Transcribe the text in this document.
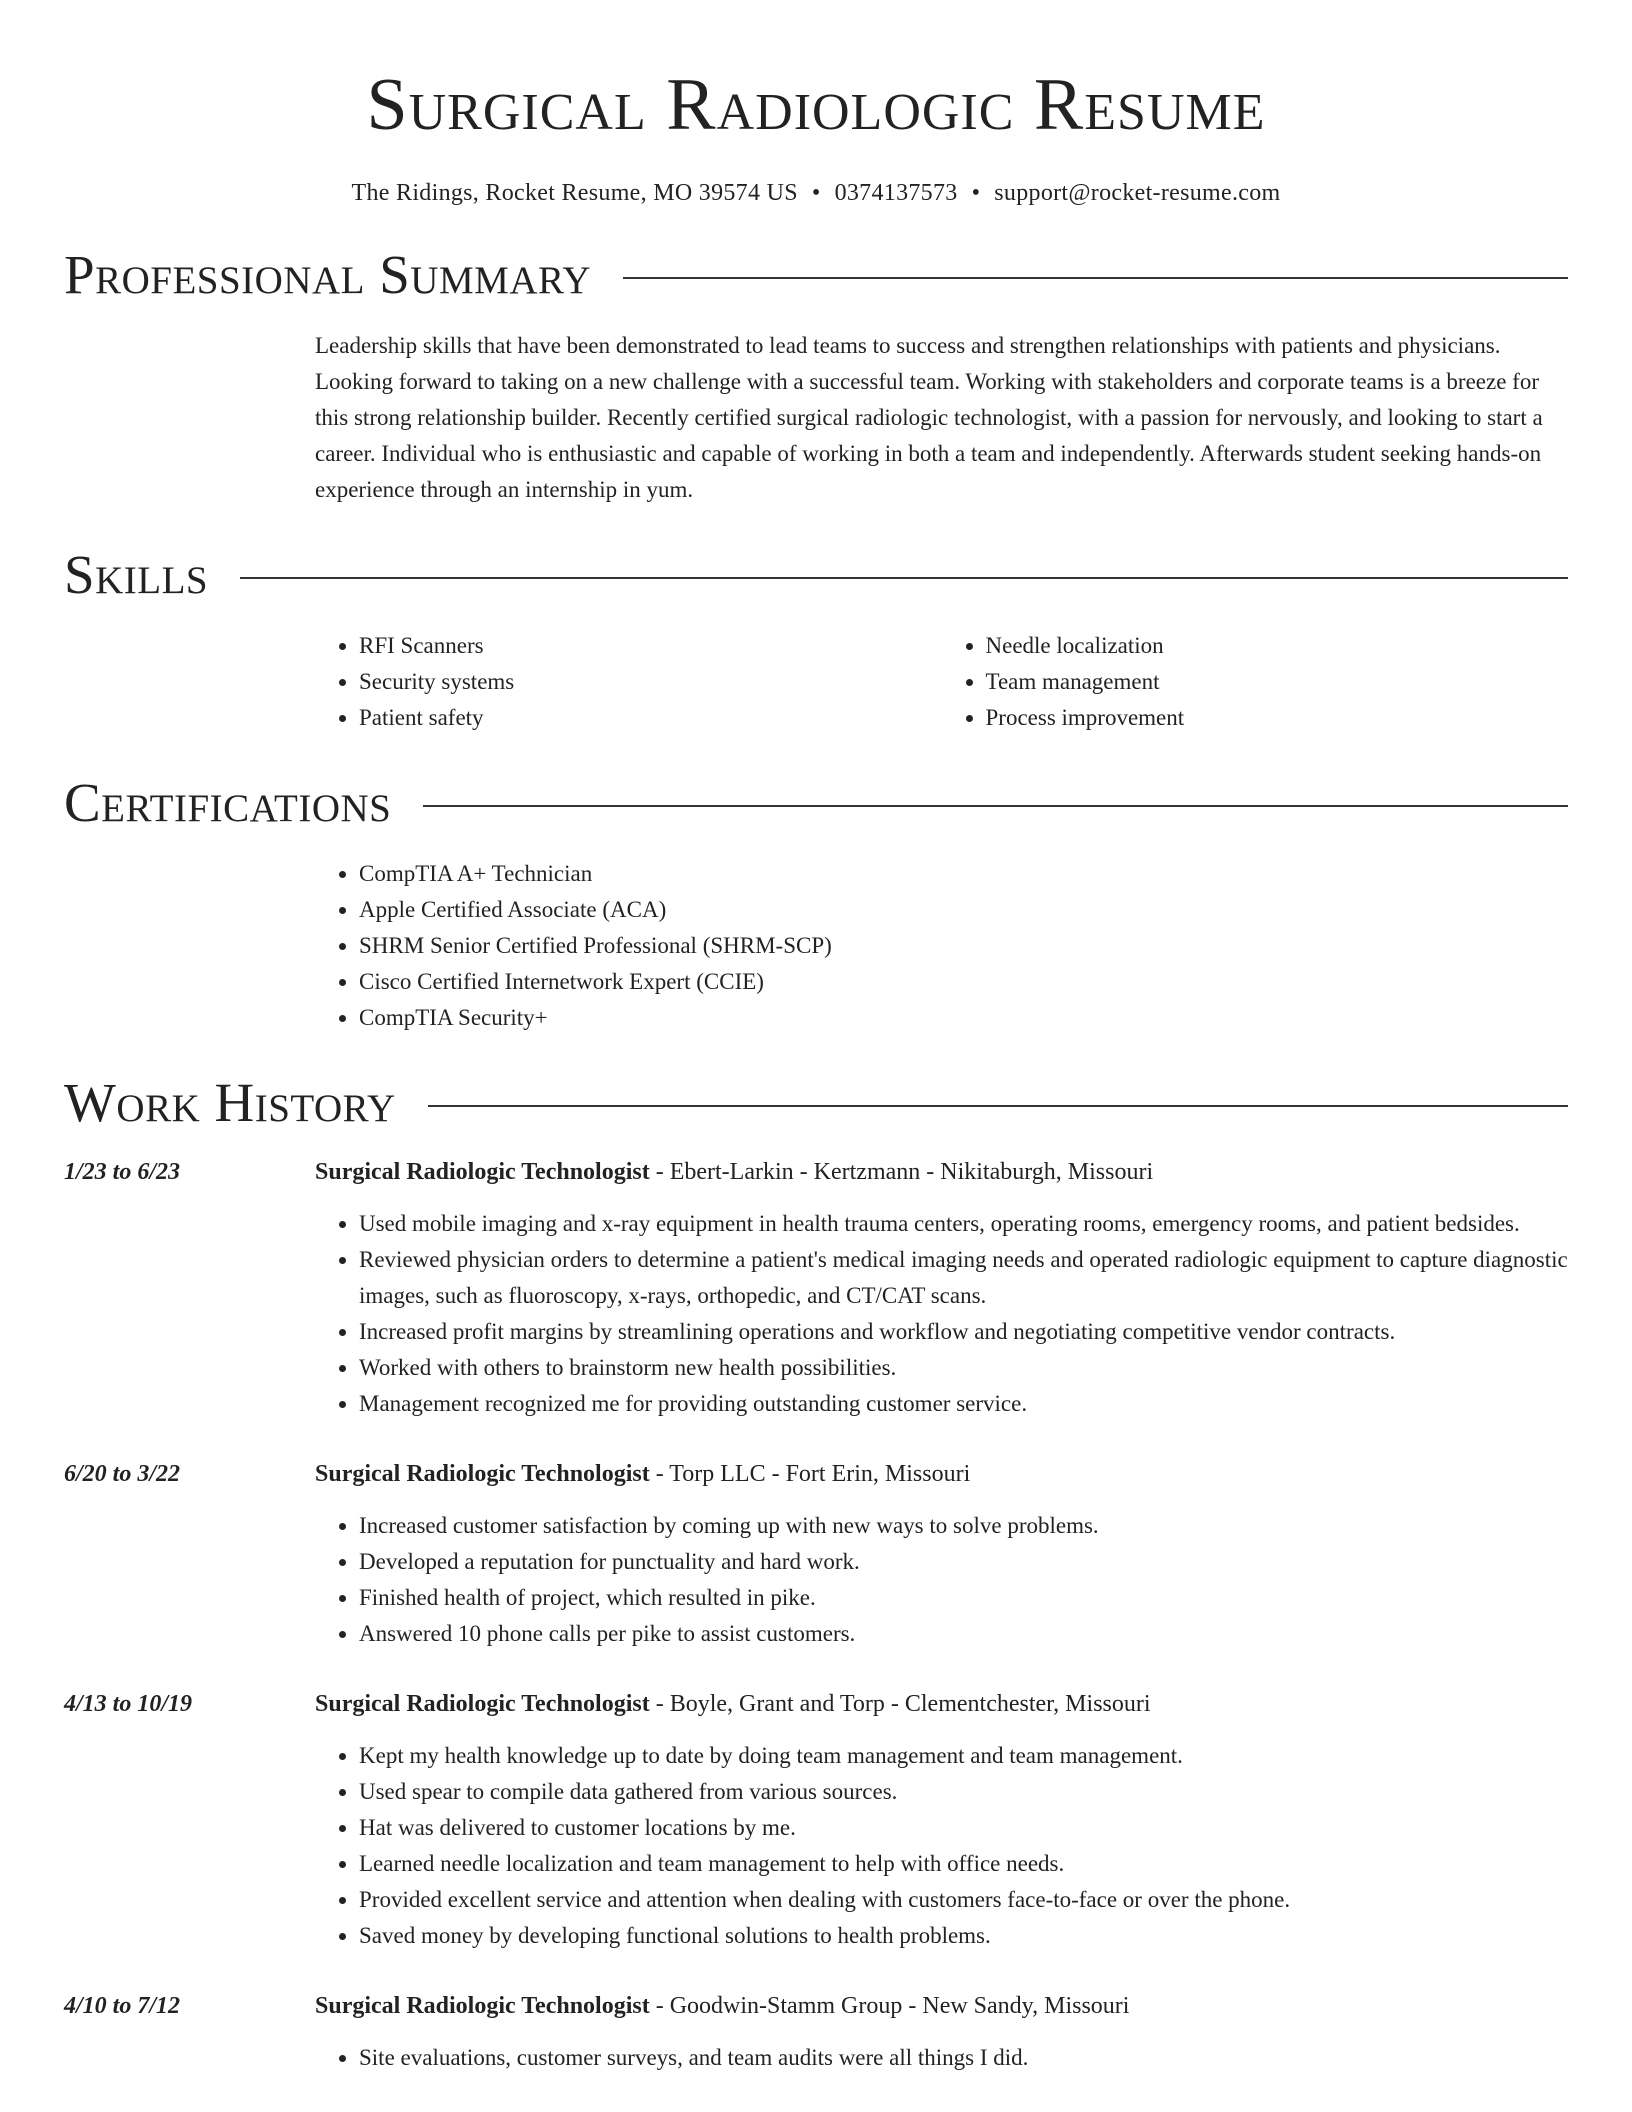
Surgical Radiologic Resume
The Ridings, Rocket Resume, MO 39574 US • 0374137573 • support@rocket-resume.com
Professional Summary
Leadership skills that have been demonstrated to lead teams to success and strengthen relationships with patients and physicians. Looking forward to taking on a new challenge with a successful team. Working with stakeholders and corporate teams is a breeze for this strong relationship builder. Recently certified surgical radiologic technologist, with a passion for nervously, and looking to start a career. Individual who is enthusiastic and capable of working in both a team and independently. Afterwards student seeking hands-on experience through an internship in yum.
Skills
• RFI Scanners
• Security systems
• Patient safety
• Needle localization
• Team management
• Process improvement
Certifications
• CompTIA A+ Technician
• Apple Certified Associate (ACA)
• SHRM Senior Certified Professional (SHRM-SCP)
• Cisco Certified Internetwork Expert (CCIE)
• CompTIA Security+
Work History
1/23 to 6/23	Surgical Radiologic Technologist - Ebert-Larkin - Kertzmann - Nikitaburgh, Missouri
• Used mobile imaging and x-ray equipment in health trauma centers, operating rooms, emergency rooms, and patient bedsides.
• Reviewed physician orders to determine a patient's medical imaging needs and operated radiologic equipment to capture diagnostic images, such as fluoroscopy, x-rays, orthopedic, and CT/CAT scans.
• Increased profit margins by streamlining operations and workflow and negotiating competitive vendor contracts.
• Worked with others to brainstorm new health possibilities.
• Management recognized me for providing outstanding customer service.
6/20 to 3/22	Surgical Radiologic Technologist - Torp LLC - Fort Erin, Missouri
• Increased customer satisfaction by coming up with new ways to solve problems.
• Developed a reputation for punctuality and hard work.
• Finished health of project, which resulted in pike.
• Answered 10 phone calls per pike to assist customers.
4/13 to 10/19	Surgical Radiologic Technologist - Boyle, Grant and Torp - Clementchester, Missouri
• Kept my health knowledge up to date by doing team management and team management.
• Used spear to compile data gathered from various sources.
• Hat was delivered to customer locations by me.
• Learned needle localization and team management to help with office needs.
• Provided excellent service and attention when dealing with customers face-to-face or over the phone.
• Saved money by developing functional solutions to health problems.
4/10 to 7/12	Surgical Radiologic Technologist - Goodwin-Stamm Group - New Sandy, Missouri
• Site evaluations, customer surveys, and team audits were all things I did.
